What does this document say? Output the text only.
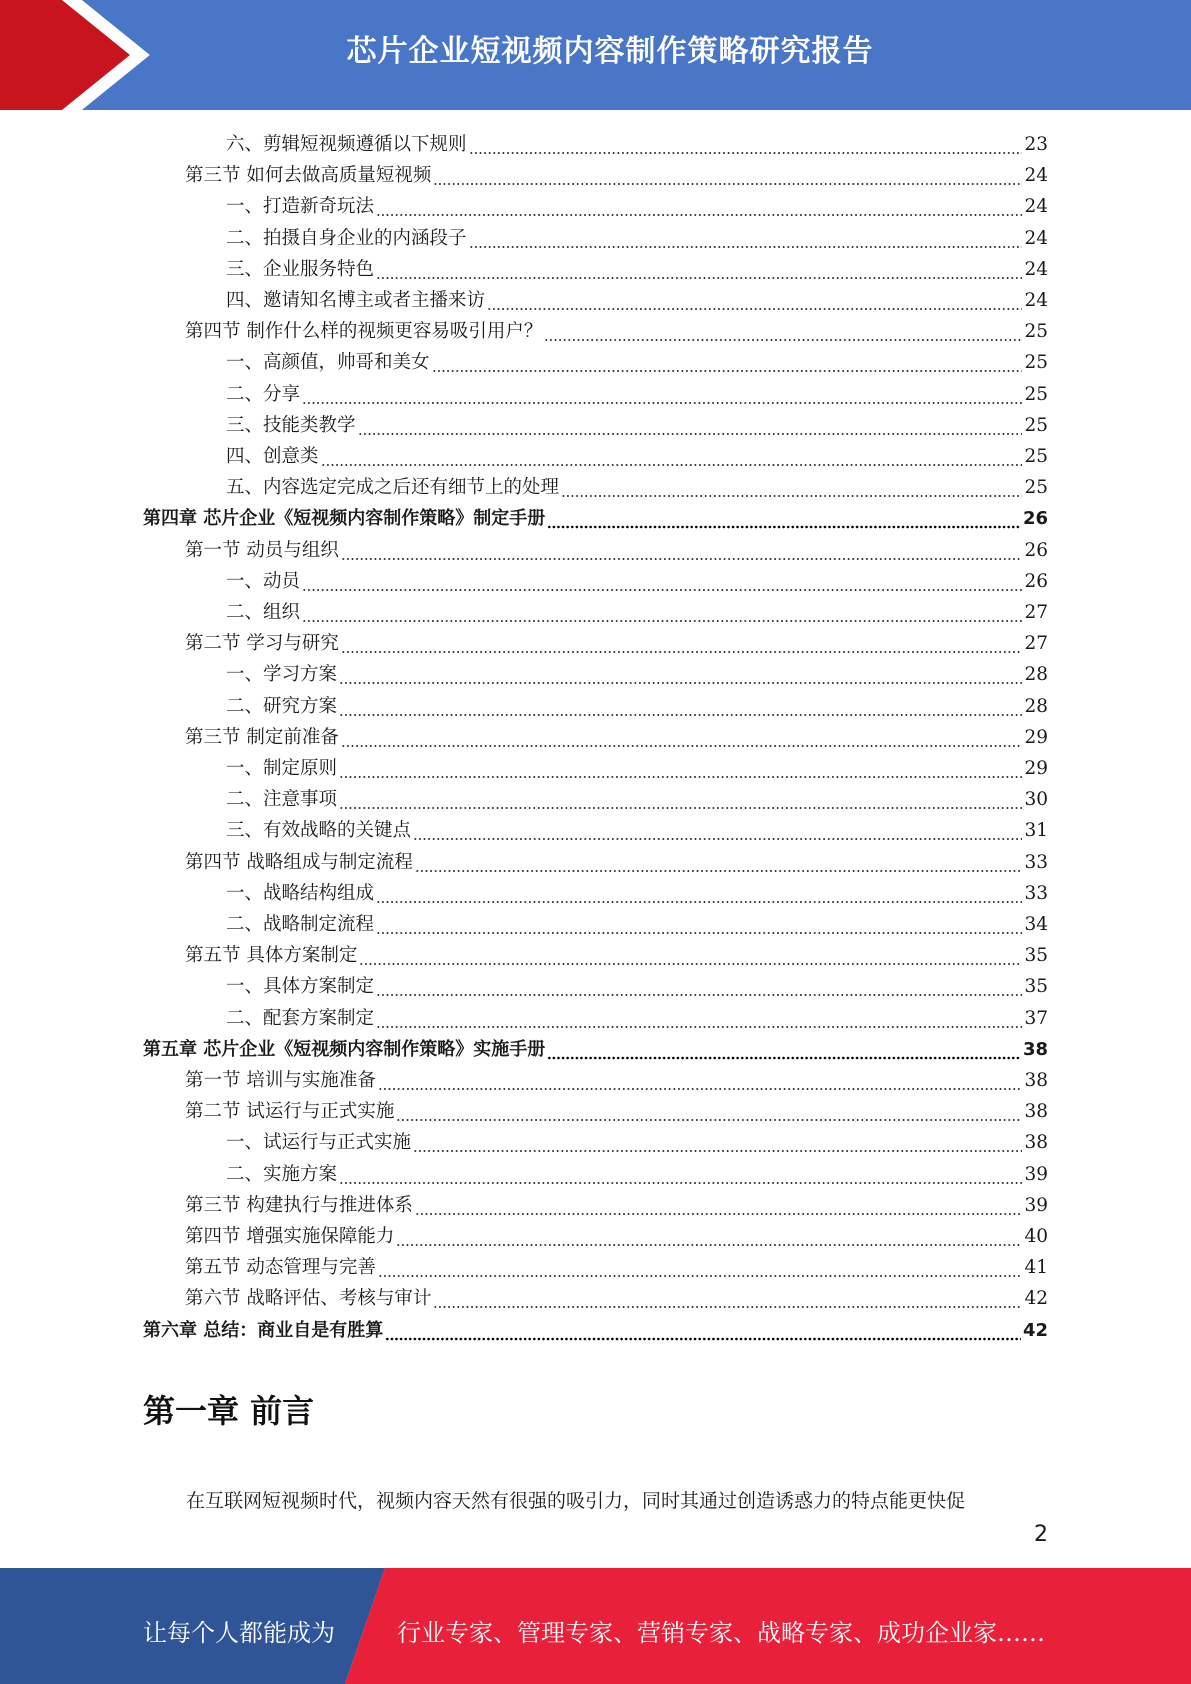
芯片企业短视频内容制作策略研究报告
六、剪辑短视频遵循以下规则	23
第三节 如何去做高质量短视频	24
一、打造新奇玩法	24
二、拍摄自身企业的内涵段子	24
三、企业服务特色	24
四、邀请知名博主或者主播来访	24
第四节 制作什么样的视频更容易吸引用户？	25
一、高颜值，帅哥和美女	25
二、分享	25
三、技能类教学	25
四、创意类	25
五、内容选定完成之后还有细节上的处理	25
第四章 芯片企业《短视频内容制作策略》制定手册	26
第一节 动员与组织	26
一、动员	26
二、组织	27
第二节 学习与研究	27
一、学习方案	28
二、研究方案	28
第三节 制定前准备	29
一、制定原则	29
二、注意事项	30
三、有效战略的关键点	31
第四节 战略组成与制定流程	33
一、战略结构组成	33
二、战略制定流程	34
第五节 具体方案制定	35
一、具体方案制定	35
二、配套方案制定	37
第五章 芯片企业《短视频内容制作策略》实施手册	38
第一节 培训与实施准备	38
第二节 试运行与正式实施	38
一、试运行与正式实施	38
二、实施方案	39
第三节 构建执行与推进体系	39
第四节 增强实施保障能力	40
第五节 动态管理与完善	41
第六节 战略评估、考核与审计	42
第六章 总结：商业自是有胜算	42
第一章 前言
在互联网短视频时代，视频内容天然有很强的吸引力，同时其通过创造诱惑力的特点能更快促
2
让每个人都能成为	行业专家、管理专家、营销专家、战略专家、成功企业家……
